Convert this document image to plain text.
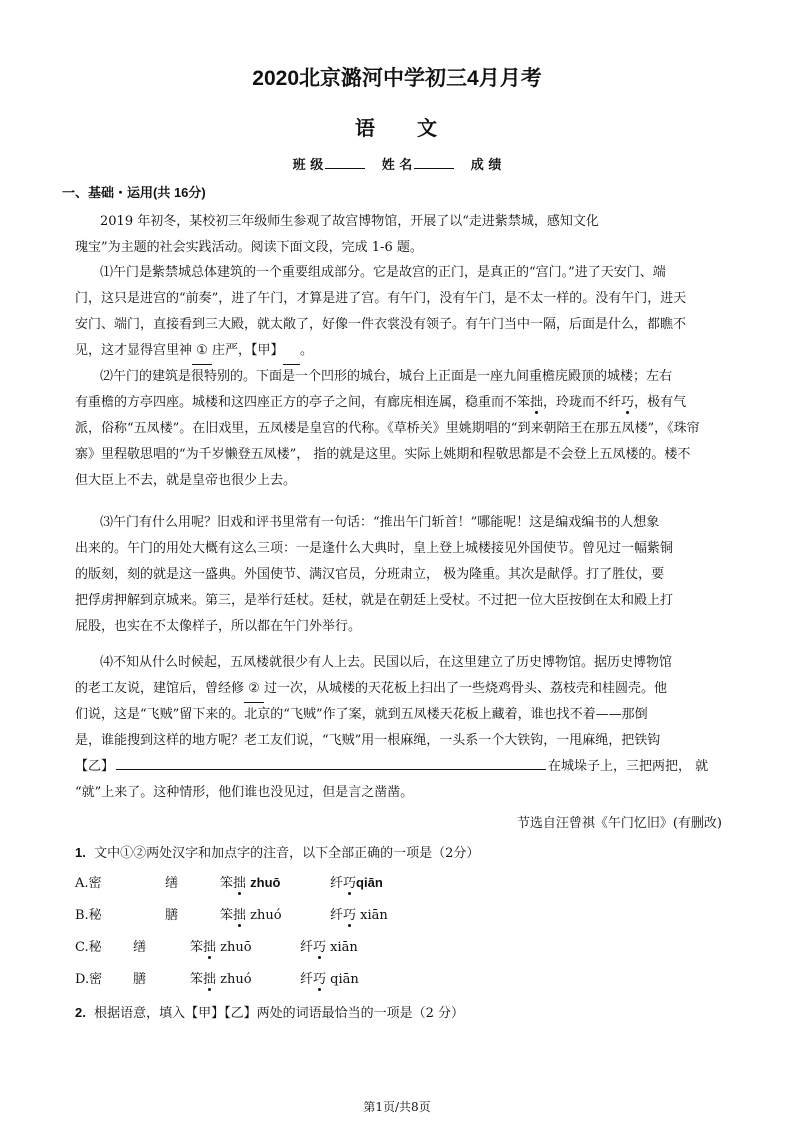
2020北京潞河中学初三4月月考
语文
班 级	姓 名	成 绩
一、基础・运用(共 16分)
2019 年初冬，某校初三年级师生参观了故宫博物馆，开展了以“走进紫禁城，感知文化
瑰宝”为主题的社会实践活动。阅读下面文段，完成 1-6 题。
⑴午门是紫禁城总体建筑的一个重要组成部分。它是故宫的正门，是真正的“宫门。”进了天安门、端
门，这只是进宫的“前奏”，进了午门，才算是进了宫。有午门，没有午门，是不太一样的。没有午门，进天
安门、端门，直接看到三大殿，就太敞了，好像一件衣裳没有领子。有午门当中一隔，后面是什么，都瞧不
见，这才显得宫里神 ① 庄严，【甲】 。
⑵午门的建筑是很特别的。下面是一个凹形的城台，城台上正面是一座九间重檐庑殿顶的城楼；左右
有重檐的方亭四座。城楼和这四座正方的亭子之间，有廊庑相连属，稳重而不笨拙，玲珑而不纤巧，极有气
派，俗称“五凤楼”。在旧戏里，五凤楼是皇宫的代称。《草桥关》里姚期唱的“到来朝陪王在那五凤楼”，《珠帘
寨》里程敬思唱的“为千岁懒登五凤楼”， 指的就是这里。实际上姚期和程敬思都是不会登上五凤楼的。楼不
但大臣上不去，就是皇帝也很少上去。
⑶午门有什么用呢？旧戏和评书里常有一句话：“推出午门斩首！”哪能呢！这是编戏编书的人想象
出来的。午门的用处大概有这么三项：一是逢什么大典时，皇上登上城楼接见外国使节。曾见过一幅紫铜
的版刻，刻的就是这一盛典。外国使节、满汉官员，分班肃立， 极为隆重。其次是献俘。打了胜仗，要
把俘虏押解到京城来。第三，是举行廷杖。廷杖，就是在朝廷上受杖。不过把一位大臣按倒在太和殿上打
屁股，也实在不太像样子，所以都在午门外举行。
⑷不知从什么时候起，五凤楼就很少有人上去。民国以后，在这里建立了历史博物馆。据历史博物馆
的老工友说，建馆后，曾经修 ② 过一次，从城楼的天花板上扫出了一些烧鸡骨头、荔枝壳和桂圆壳。他
们说，这是“飞贼”留下来的。北京的“飞贼”作了案，就到五凤楼天花板上藏着，谁也找不着——那倒
是，谁能搜到这样的地方呢？老工友们说，“飞贼”用一根麻绳，一头系一个大铁钩，一甩麻绳，把铁钩
【乙】	在城垛子上，三把两把， 就
“就”上来了。这种情形，他们谁也没见过，但是言之凿凿。
节选自汪曾祺《午门忆旧》(有删改)
1. 文中①②两处汉字和加点字的注音，以下全部正确的一项是（2分）
A.密	缮	笨拙 zhuō	纤巧qiān
B.秘	膳	笨拙 zhuó	纤巧 xiān
C.秘 缮	笨拙 zhuō	纤巧 xiān
D.密 膳	笨拙 zhuó	纤巧 qiān
2. 根据语意，填入【甲】【乙】两处的词语最恰当的一项是（2 分）
第1页/共8页
